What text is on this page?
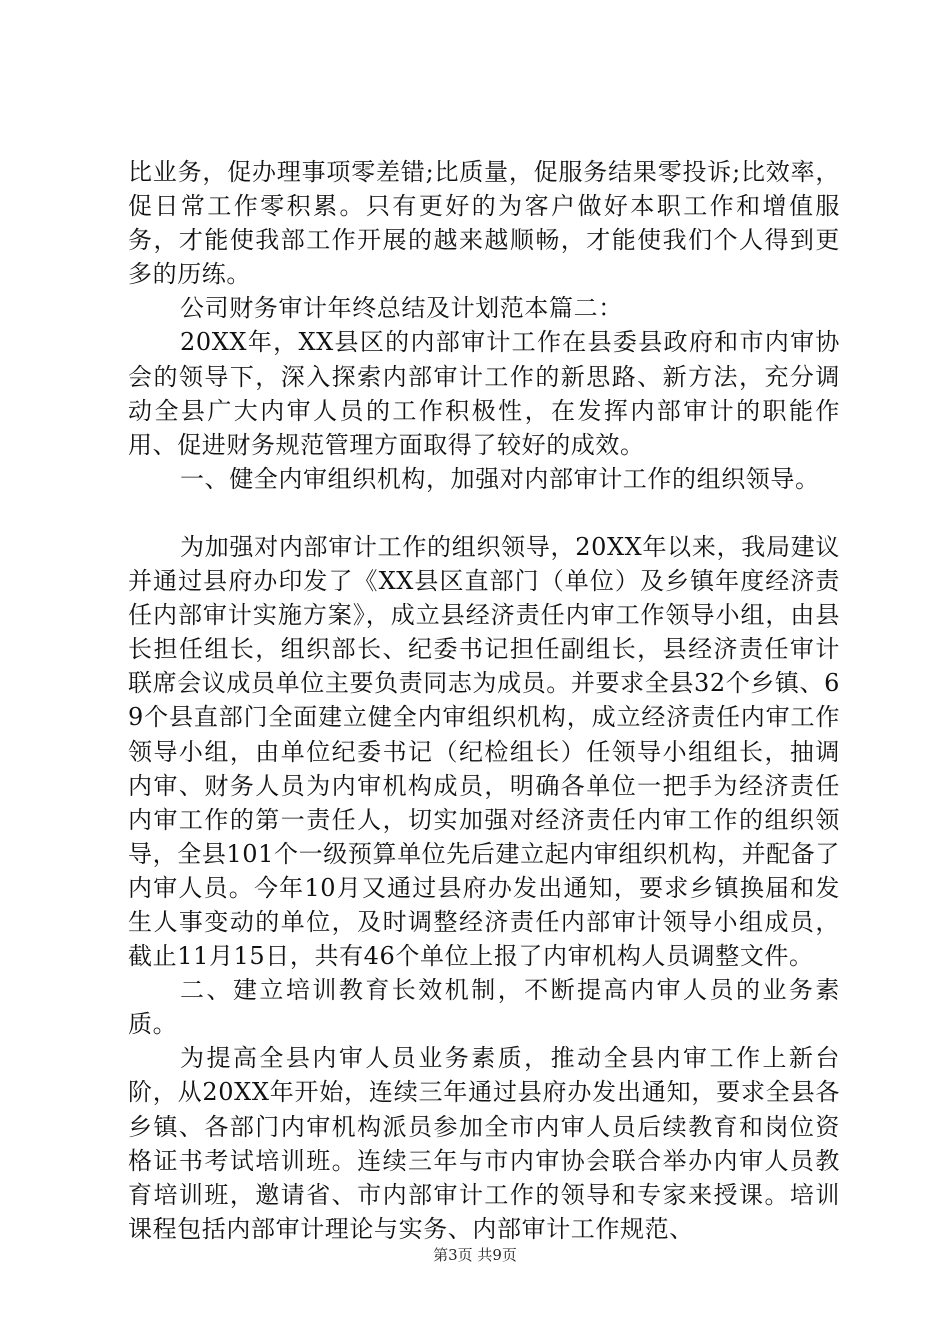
比业务，促办理事项零差错;比质量，促服务结果零投诉;比效率，促日常工作零积累。只有更好的为客户做好本职工作和增值服务，才能使我部工作开展的越来越顺畅，才能使我们个人得到更多的历练。

公司财务审计年终总结及计划范本篇二：

20XX年，XX县区的内部审计工作在县委县政府和市内审协会的领导下，深入探索内部审计工作的新思路、新方法，充分调动全县广大内审人员的工作积极性，在发挥内部审计的职能作用、促进财务规范管理方面取得了较好的成效。

一、健全内审组织机构，加强对内部审计工作的组织领导。

为加强对内部审计工作的组织领导，20XX年以来，我局建议并通过县府办印发了《XX县区直部门（单位）及乡镇年度经济责任内部审计实施方案》，成立县经济责任内审工作领导小组，由县长担任组长，组织部长、纪委书记担任副组长，县经济责任审计联席会议成员单位主要负责同志为成员。并要求全县32个乡镇、69个县直部门全面建立健全内审组织机构，成立经济责任内审工作领导小组，由单位纪委书记（纪检组长）任领导小组组长，抽调内审、财务人员为内审机构成员，明确各单位一把手为经济责任内审工作的第一责任人，切实加强对经济责任内审工作的组织领导，全县101个一级预算单位先后建立起内审组织机构，并配备了内审人员。今年10月又通过县府办发出通知，要求乡镇换届和发生人事变动的单位，及时调整经济责任内部审计领导小组成员，截止11月15日，共有46个单位上报了内审机构人员调整文件。

二、建立培训教育长效机制，不断提高内审人员的业务素质。

为提高全县内审人员业务素质，推动全县内审工作上新台阶，从20XX年开始，连续三年通过县府办发出通知，要求全县各乡镇、各部门内审机构派员参加全市内审人员后续教育和岗位资格证书考试培训班。连续三年与市内审协会联合举办内审人员教育培训班，邀请省、市内部审计工作的领导和专家来授课。培训课程包括内部审计理论与实务、内部审计工作规范、

第3页 共9页
